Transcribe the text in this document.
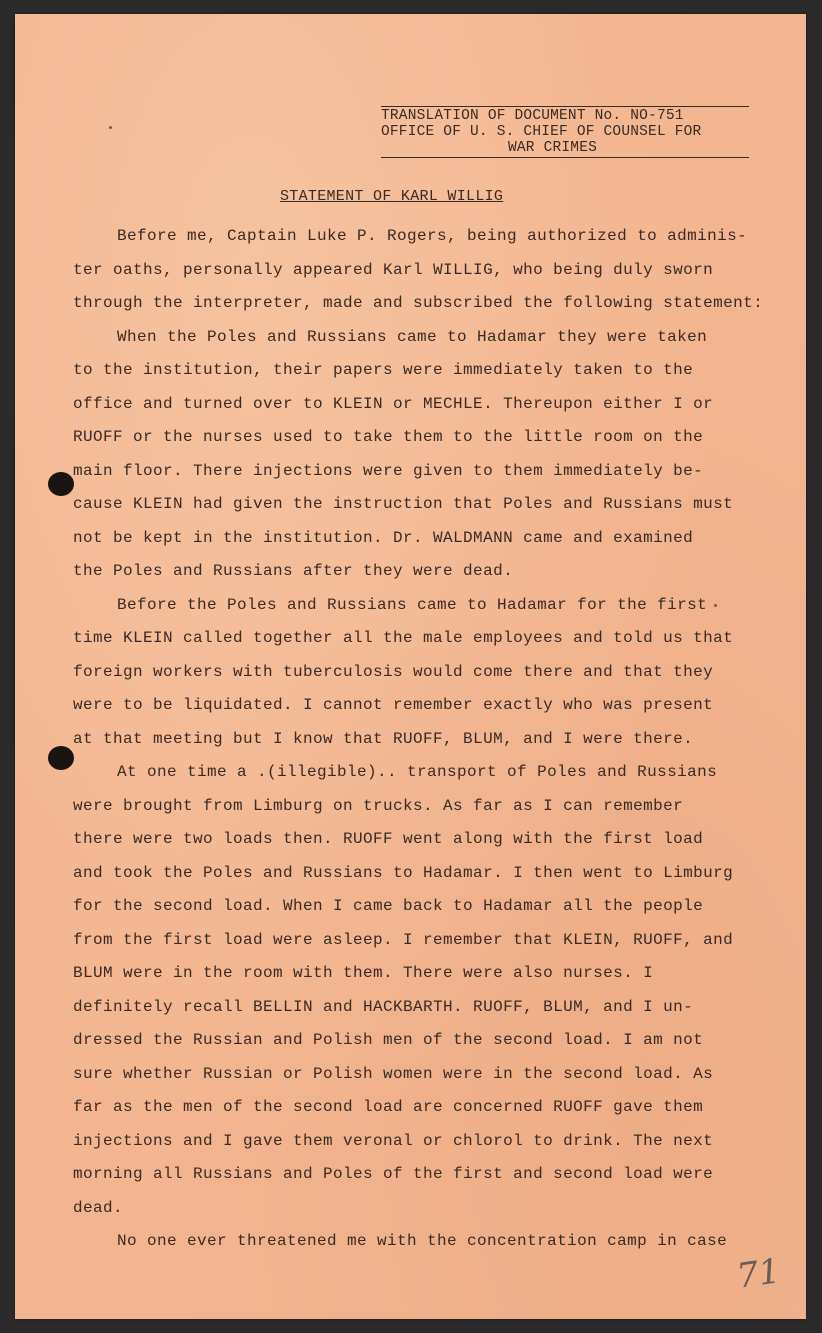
TRANSLATION OF DOCUMENT No. NO-751
OFFICE OF U. S. CHIEF OF COUNSEL FOR
WAR CRIMES
STATEMENT OF KARL WILLIG
Before me, Captain Luke P. Rogers, being authorized to adminis-
ter oaths, personally appeared Karl WILLIG, who being duly sworn
through the interpreter, made and subscribed the following statement:
When the Poles and Russians came to Hadamar they were taken
to the institution, their papers were immediately taken to the
office and turned over to KLEIN or MECHLE. Thereupon either I or
RUOFF or the nurses used to take them to the little room on the
main floor. There injections were given to them immediately be-
cause KLEIN had given the instruction that Poles and Russians must
not be kept in the institution. Dr. WALDMANN came and examined
the Poles and Russians after they were dead.
Before the Poles and Russians came to Hadamar for the first
time KLEIN called together all the male employees and told us that
foreign workers with tuberculosis would come there and that they
were to be liquidated. I cannot remember exactly who was present
at that meeting but I know that RUOFF, BLUM, and I were there.
At one time a .(illegible).. transport of Poles and Russians
were brought from Limburg on trucks. As far as I can remember
there were two loads then. RUOFF went along with the first load
and took the Poles and Russians to Hadamar. I then went to Limburg
for the second load. When I came back to Hadamar all the people
from the first load were asleep. I remember that KLEIN, RUOFF, and
BLUM were in the room with them. There were also nurses. I
definitely recall BELLIN and HACKBARTH. RUOFF, BLUM, and I un-
dressed the Russian and Polish men of the second load. I am not
sure whether Russian or Polish women were in the second load. As
far as the men of the second load are concerned RUOFF gave them
injections and I gave them veronal or chlorol to drink. The next
morning all Russians and Poles of the first and second load were
dead.
No one ever threatened me with the concentration camp in case
71
